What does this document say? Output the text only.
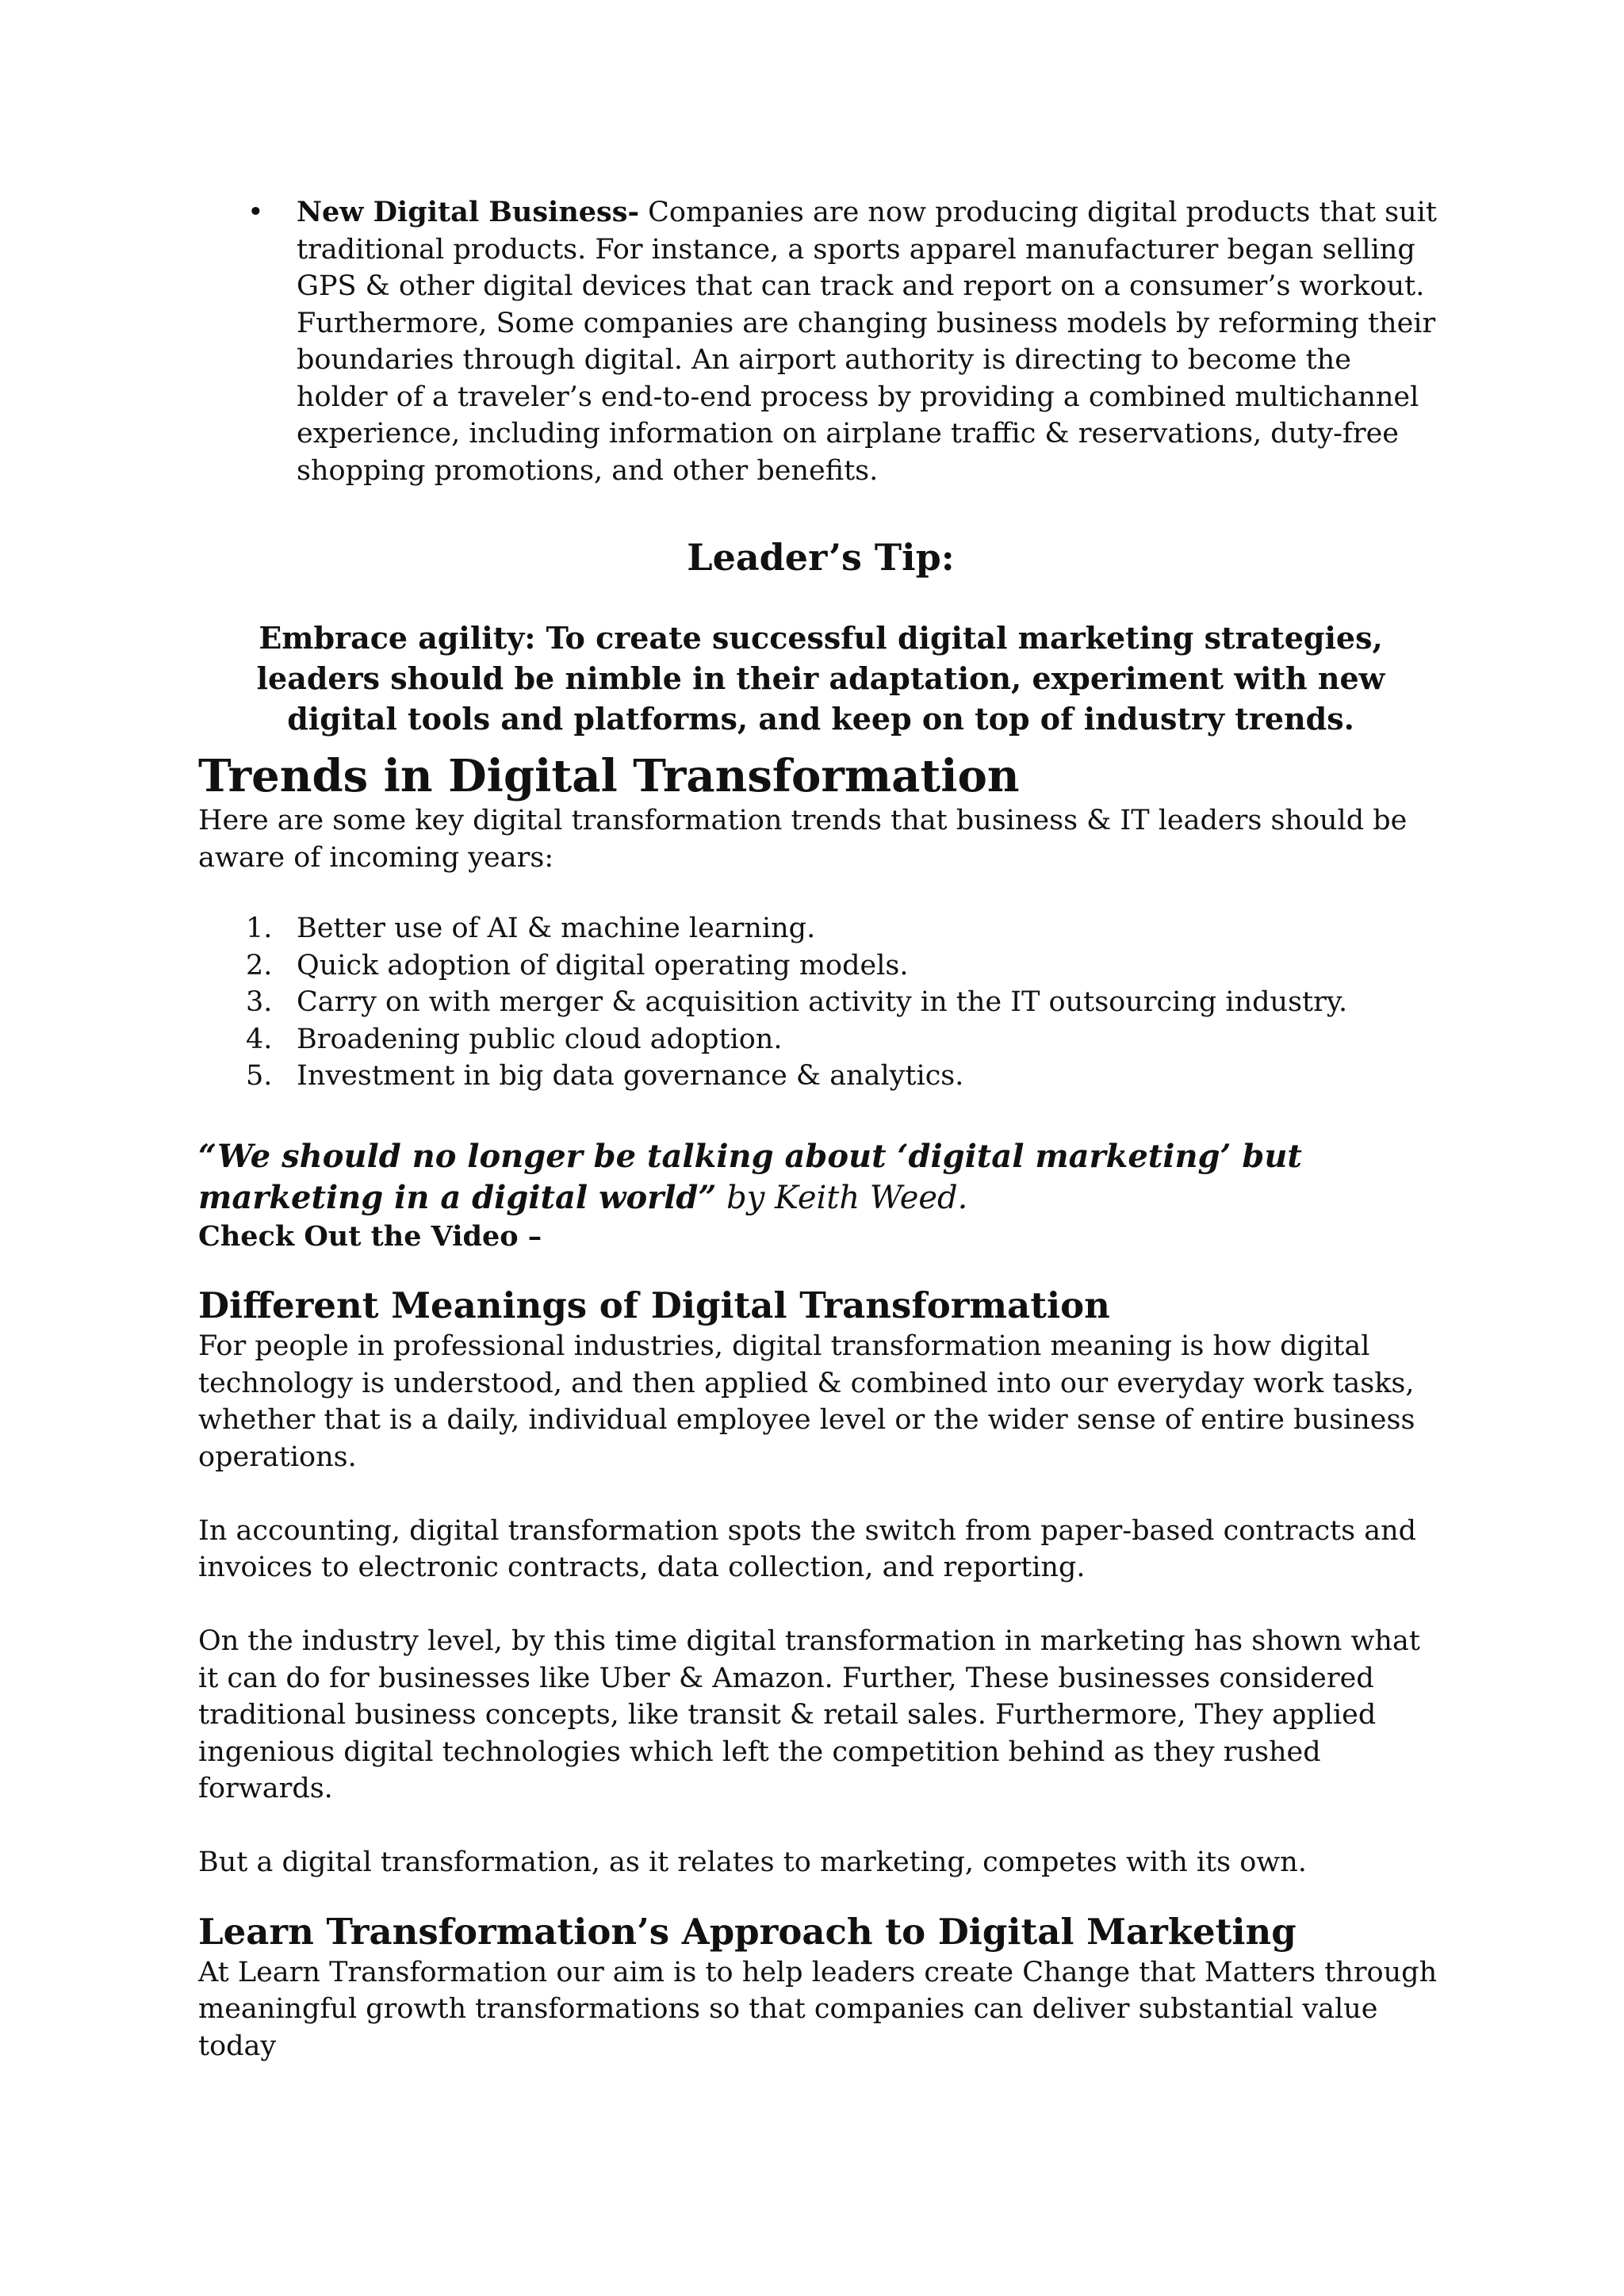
• New Digital Business- Companies are now producing digital products that suit traditional products. For instance, a sports apparel manufacturer began selling GPS & other digital devices that can track and report on a consumer’s workout. Furthermore, Some companies are changing business models by reforming their boundaries through digital. An airport authority is directing to become the holder of a traveler’s end-to-end process by providing a combined multichannel experience, including information on airplane traffic & reservations, duty-free shopping promotions, and other benefits.
Leader’s Tip:
Embrace agility: To create successful digital marketing strategies, leaders should be nimble in their adaptation, experiment with new digital tools and platforms, and keep on top of industry trends.
Trends in Digital Transformation
Here are some key digital transformation trends that business & IT leaders should be aware of incoming years:
1. Better use of AI & machine learning.
2. Quick adoption of digital operating models.
3. Carry on with merger & acquisition activity in the IT outsourcing industry.
4. Broadening public cloud adoption.
5. Investment in big data governance & analytics.
“We should no longer be talking about ‘digital marketing’ but marketing in a digital world” by Keith Weed.
Check Out the Video –
Different Meanings of Digital Transformation
For people in professional industries, digital transformation meaning is how digital technology is understood, and then applied & combined into our everyday work tasks, whether that is a daily, individual employee level or the wider sense of entire business operations.
In accounting, digital transformation spots the switch from paper-based contracts and invoices to electronic contracts, data collection, and reporting.
On the industry level, by this time digital transformation in marketing has shown what it can do for businesses like Uber & Amazon. Further, These businesses considered traditional business concepts, like transit & retail sales. Furthermore, They applied ingenious digital technologies which left the competition behind as they rushed forwards.
But a digital transformation, as it relates to marketing, competes with its own.
Learn Transformation’s Approach to Digital Marketing
At Learn Transformation our aim is to help leaders create Change that Matters through meaningful growth transformations so that companies can deliver substantial value today
